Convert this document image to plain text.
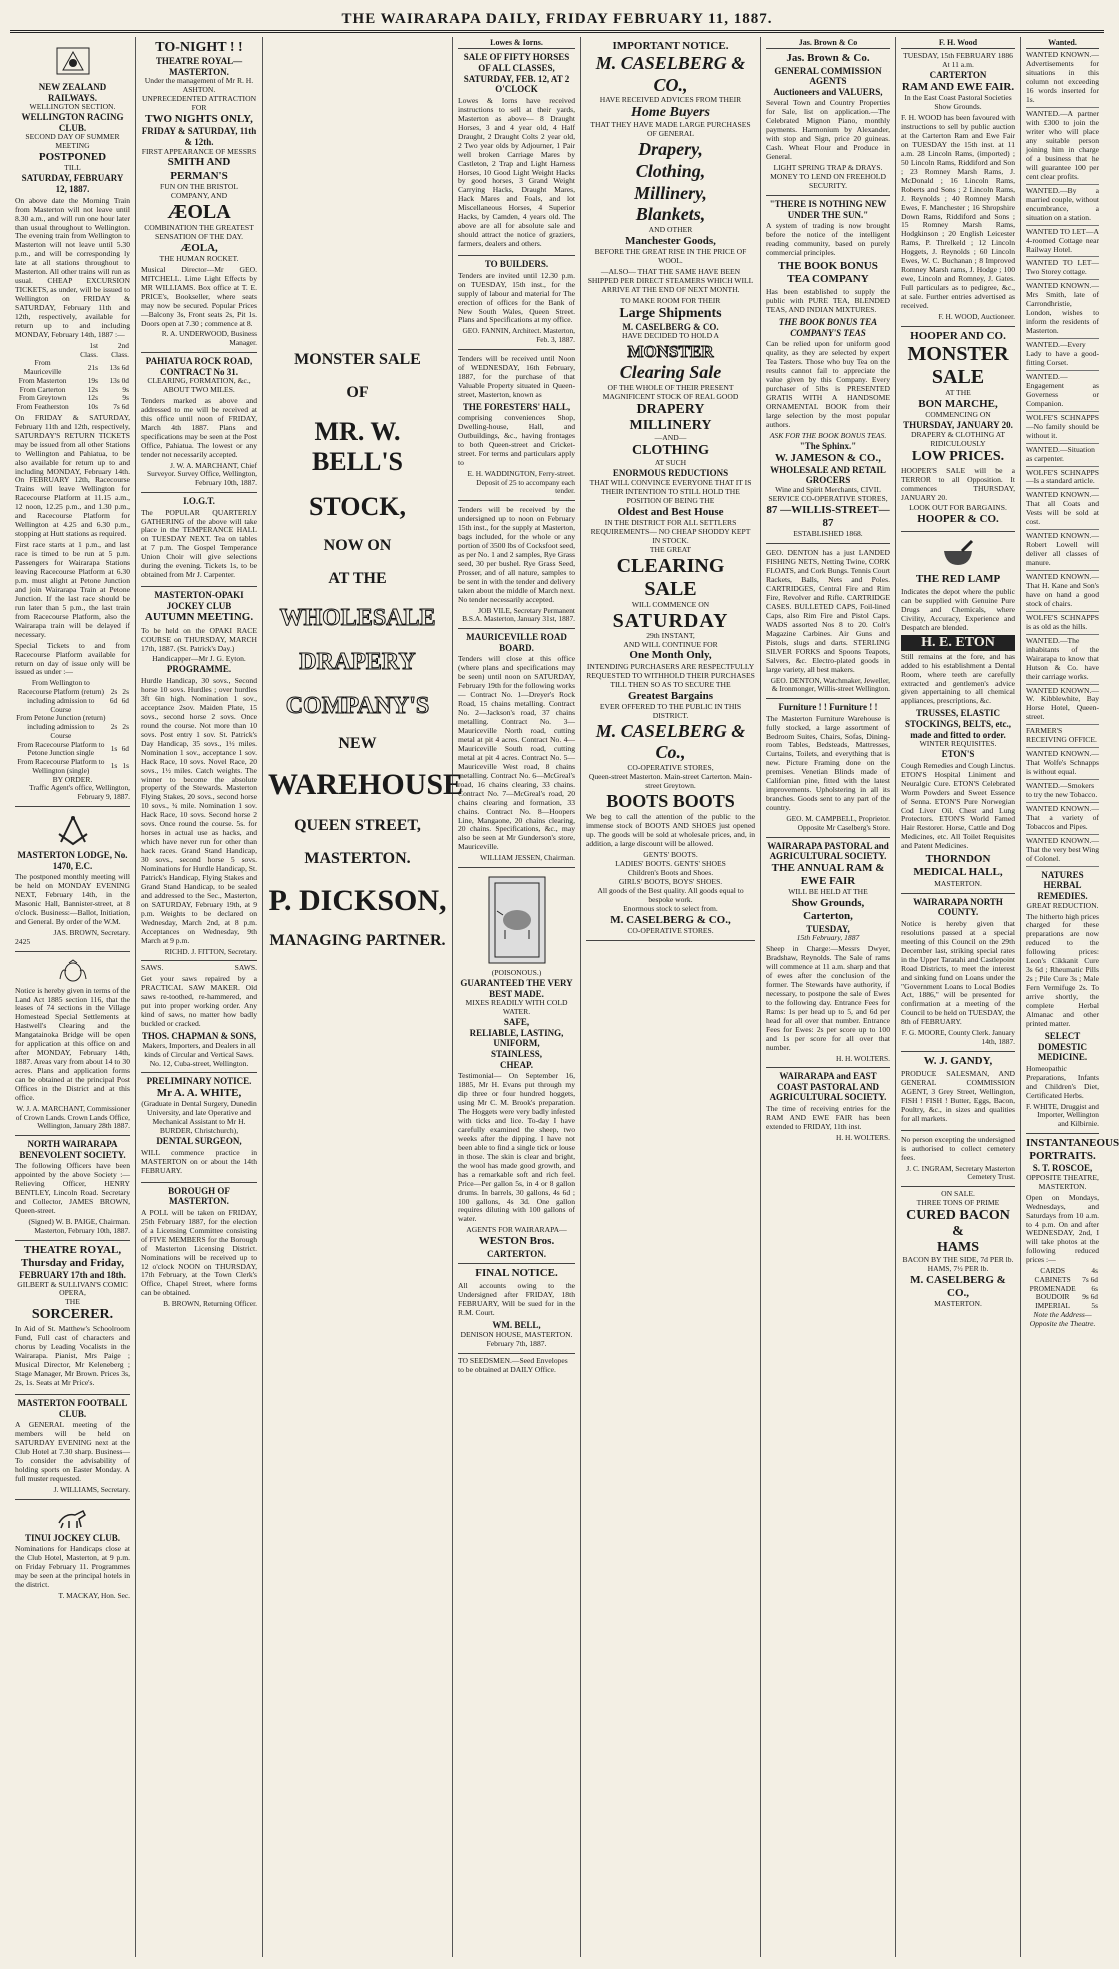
THE WAIRARAPA DAILY, FRIDAY FEBRUARY 11, 1887.
NEW ZEALAND RAILWAYS.
WELLINGTON SECTION.
WELLINGTON RACING CLUB.
SECOND DAY OF SUMMER MEETING
POSTPONED
TILL
SATURDAY, FEBRUARY 12, 1887.

On above date the Morning Train from Masterton will not leave until 8.30 a.m., and will run one hour later than usual throughout to Wellington. The evening train from Wellington to Masterton will not leave until 5.30 p.m., and will be corresponding ly late at all stations throughout to Masterton. All other trains will run as usual. CHEAP EXCURSION TICKETS, as under, will be issued to Wellington on FRIDAY & SATURDAY, February 11th and 12th, respectively, available for return up to and including MONDAY, February 14th, 1887 :—

	1st Class.	2nd Class.
From Mauriceville	21s	13s 6d
From Masterton	19s	13s 0d
From Carterton	12s	9s
From Greytown	12s	9s
From Featherston	10s	7s 6d

On FRIDAY & SATURDAY, February 11th and 12th, respectively, SATURDAY'S RETURN TICKETS may be issued from all other Stations to Wellington and Pahiatua, to be also available for return up to and including MONDAY, February 14th. On FEBRUARY 12th, Racecourse Trains will leave Wellington for Racecourse Platform at 11.15 a.m., 12 noon, 12.25 p.m., and 1.30 p.m., and Racecourse Platform for Wellington at 4.25 and 6.30 p.m., stopping at Hutt stations as required.

First race starts at 1 p.m., and last race is timed to be run at 5 p.m. Passengers for Wairarapa Stations leaving Racecourse Platform at 6.30 p.m. must alight at Petone Junction and join Wairarapa Train at Petone Junction. If the last race should be run later than 5 p.m., the last train from Racecourse Platform, also the Wairarapa train will be delayed if necessary.

Special Tickets to and from Racecourse Platform available for return on day of issue only will be issued as under :—

From Wellington to Racecourse Platform (return) including admission to Course	2s 6d	2s 6d
From Petone Junction (return) including admission to Course	2s	2s
From Racecourse Platform to Petone Junction single	1s	6d
From Racecourse Platform to Wellington (single)	1s	1s
BY ORDER.
Traffic Agent's office, Wellington, February 9, 1887.
MASTERTON LODGE, No. 1470, E.C.

The postponed monthly meeting will be held on MONDAY EVENING NEXT, February 14th, in the Masonic Hall, Bannister-street, at 8 o'clock. Business:—Ballot, Initiation, and General. By order of the W.M.

JAS. BROWN, Secretary.
2425

Notice is hereby given in terms of the Land Act 1885 section 116, that the leases of 74 sections in the Village Homestead Special Settlements at Hastwell's Clearing and the Mangatainoka Bridge will be open for application at this office on and after MONDAY, February 14th, 1887. Areas vary from about 14 to 30 acres. Plans and application forms can be obtained at the principal Post Offices in the District and at this office.

W. J. A. MARCHANT, Commissioner of Crown Lands. Crown Lands Office, Wellington, January 28th 1887.
NORTH WAIRARAPA BENEVOLENT SOCIETY.

The following Officers have been appointed by the above Society :— Relieving Officer, HENRY BENTLEY, Lincoln Road. Secretary and Collector, JAMES BROWN, Queen-street.

(Signed) W. B. PAIGE, Chairman. Masterton, February 10th, 1887.
THEATRE ROYAL,
Thursday and Friday,
FEBRUARY 17th and 18th.
GILBERT & SULLIVAN'S COMIC OPERA,
THE
SORCERER.

In Aid of St. Matthew's Schoolroom Fund, Full cast of characters and chorus by Leading Vocalists in the Wairarapa. Pianist, Mrs Paige ; Musical Director, Mr Keleneberg ; Stage Manager, Mr Brown. Prices 3s, 2s, 1s. Seats at Mr Price's.

MASTERTON FOOTBALL CLUB.

A GENERAL meeting of the members will be held on SATURDAY EVENING next at the Club Hotel at 7.30 sharp. Business—To consider the advisability of holding sports on Easter Monday. A full muster requested.

J. WILLIAMS, Secretary.
TINUI JOCKEY CLUB.

Nominations for Handicaps close at the Club Hotel, Masterton, at 9 p.m. on Friday February 11. Programmes may be seen at the principal hotels in the district.

T. MACKAY, Hon. Sec.
TO-NIGHT ! !
THEATRE ROYAL—MASTERTON.
Under the management of Mr R. H. ASHTON.
UNPRECEDENTED ATTRACTION FOR
TWO NIGHTS ONLY,
FRIDAY & SATURDAY, 11th & 12th.
FIRST APPEARANCE OF MESSRS
SMITH AND PERMAN'S
FUN ON THE BRISTOL COMPANY, AND
ÆOLA
COMBINATION THE GREATEST SENSATION OF THE DAY.
ÆOLA,
THE HUMAN ROCKET.

Musical Director—Mr GEO. MITCHELL. Lime Light Effects by MR WILLIAMS. Box office at T. E. PRICE's, Bookseller, where seats may now be secured. Popular Prices—Balcony 3s, Front seats 2s, Pit 1s. Doors open at 7.30 ; commence at 8.

R. A. UNDERWOOD, Business Manager.
PAHIATUA ROCK ROAD, CONTRACT No 31.
CLEARING, FORMATION, &c., ABOUT TWO MILES.

Tenders marked as above and addressed to me will be received at this office until noon of FRIDAY, March 4th 1887. Plans and specifications may be seen at the Post Office, Pahiatua. The lowest or any tender not necessarily accepted.

J. W. A. MARCHANT, Chief Surveyor. Survey Office, Wellington, February 10th, 1887.
I.O.G.T.

The POPULAR QUARTERLY GATHERING of the above will take place in the TEMPERANCE HALL on TUESDAY NEXT. Tea on tables at 7 p.m. The Gospel Temperance Union Choir will give selections during the evening. Tickets 1s, to be obtained from Mr J. Carpenter.

MASTERTON-OPAKI JOCKEY CLUB
AUTUMN MEETING.

To be held on the OPAKI RACE COURSE on THURSDAY, MARCH 17th, 1887. (St. Patrick's Day.)

Handicapper—Mr J. G. Eyton.
PROGRAMME.

Hurdle Handicap, 30 sovs., Second horse 10 sovs. Hurdles ; over hurdles 3ft 6in high. Nomination 1 sov., acceptance 2sov. Maiden Plate, 15 sovs., second horse 2 sovs. Once round the course. Not more than 10 sovs. Post entry 1 sov. St. Patrick's Day Handicap, 35 sovs., 1½ miles. Nomination 1 sov., acceptance 1 sov. Hack Race, 10 sovs. Novel Race, 20 sovs., 1½ miles. Catch weights. The winner to become the absolute property of the Stewards. Masterton Flying Stakes, 20 sovs., second horse 10 sovs., ¾ mile. Nomination 1 sov. Hack Race, 10 sovs. Second horse 2 sovs. Once round the course. 5s. for horses in actual use as hacks, and which have never run for other than hack races. Grand Stand Handicap, 30 sovs., second horse 5 sovs. Nominations for Hurdle Handicap, St. Patrick's Handicap, Flying Stakes and Grand Stand Handicap, to be sealed and addressed to the Sec., Masterton, on SATURDAY, February 19th, at 9 p.m. Weights to be declared on Wednesday, March 2nd, at 8 p.m. Acceptances on Wednesday, 9th March at 9 p.m.

RICHD. J. FITTON, Secretary.
SAWS.	SAWS.

Get your saws repaired by a PRACTICAL SAW MAKER. Old saws re-toothed, re-hammered, and put into proper working order. Any kind of saws, no matter how badly buckled or cracked.

THOS. CHAPMAN & SONS,
Makers, Importers, and Dealers in all kinds of Circular and Vertical Saws. No. 12, Cuba-street, Wellington.
PRELIMINARY NOTICE.
Mr A. A. WHITE,
(Graduate in Dental Surgery, Dunedin University, and late Operative and Mechanical Assistant to Mr H. BURDER, Christchurch),
DENTAL SURGEON,

WILL commence practice in MASTERTON on or about the 14th FEBRUARY.

BOROUGH OF MASTERTON.

A POLL will be taken on FRIDAY, 25th February 1887, for the election of a Licensing Committee consisting of FIVE MEMBERS for the Borough of Masterton Licensing District. Nominations will be received up to 12 o'clock NOON on THURSDAY, 17th February, at the Town Clerk's Office, Chapel Street, where forms can be obtained.

B. BROWN, Returning Officer.
MONSTER SALE
OF
MR. W. BELL'S
STOCK,
NOW ON
AT THE
WHOLESALE
DRAPERY
COMPANY'S
NEW
WAREHOUSE
QUEEN STREET,
MASTERTON.
P. DICKSON,
MANAGING PARTNER.
Lowes & Iorns.
SALE OF FIFTY HORSES OF ALL CLASSES,
SATURDAY, FEB. 12, AT 2 O'CLOCK

Lowes & Iorns have received instructions to sell at their yards, Masterton as above— 8 Draught Horses, 3 and 4 year old, 4 Half Draught, 2 Draught Colts 2 year old, 2 Two year olds by Adjourner, 1 Pair well broken Carriage Mares by Castleton, 2 Trap and Light Harness Horses, 10 Good Light Weight Hacks by good horses, 3 Grand Weight Carrying Hacks, Draught Mares, Hack Mares and Foals, and lot Miscellaneous Horses, 4 Superior Hacks, by Camden, 4 years old. The above are all for absolute sale and should attract the notice of graziers, farmers, dealers and others.

TO BUILDERS.

Tenders are invited until 12.30 p.m. on TUESDAY, 15th inst., for the supply of labour and material for The erection of offices for the Bank of New South Wales, Queen Street. Plans and Specifications at my office.

GEO. FANNIN, Architect. Masterton, Feb. 3, 1887.

Tenders will be received until Noon of WEDNESDAY, 16th February, 1887, for the purchase of that Valuable Property situated in Queen-street, Masterton, known as

THE FORESTERS' HALL,

comprising conveniences Shop, Dwelling-house, Hall, and Outbuildings, &c., having frontages to both Queen-street and Cricket-street. For terms and particulars apply to

E. H. WADDINGTON, Ferry-street. Deposit of 25 to accompany each tender.

Tenders will be received by the undersigned up to noon on February 15th inst., for the supply at Masterton, bags included, for the whole or any portion of 3500 lbs of Cocksfoot seed, as per No. 1 and 2 samples, Rye Grass seed, 30 per bushel. Rye Grass Seed, Prosser, and of all nature, samples to be sent in with the tender and delivery taken about the middle of March next. No tender necessarily accepted.

JOB VILE, Secretary Permanent B.S.A. Masterton, January 31st, 1887.
MAURICEVILLE ROAD BOARD.

Tenders will close at this office (where plans and specifications may be seen) until noon on SATURDAY, February 19th for the following works— Contract No. 1—Dreyer's Rock Road, 15 chains metalling. Contract No. 2—Jackson's road, 37 chains metalling. Contract No. 3—Mauriceville North road, cutting metal at pit 4 acres. Contract No. 4—Mauriceville South road, cutting metal at pit 4 acres. Contract No. 5—Mauriceville West road, 8 chains metalling. Contract No. 6—McGreal's road, 16 chains clearing, 33 chains. Contract No. 7—McGreal's road, 20 chains clearing and formation, 33 chains. Contract No. 8—Hoopers Line, Mangaone, 20 chains clearing, 20 chains. Specifications, &c., may also be seen at Mr Gunderson's store, Mauriceville.

WILLIAM JESSEN, Chairman.
(POISONOUS.)
GUARANTEED THE VERY BEST MADE.
MIXES READILY WITH COLD WATER.
SAFE,
RELIABLE, LASTING,
UNIFORM,
STAINLESS,
CHEAP.

Testimonial— On September 16, 1885, Mr H. Evans put through my dip three or four hundred hoggets, using Mr C. M. Brook's preparation. The Hoggets were very badly infested with ticks and lice. To-day I have carefully examined the sheep, two weeks after the dipping. I have not been able to find a single tick or louse in those. The skin is clear and bright, the wool has made good growth, and has a remarkable soft and rich feel. Price—Per gallon 5s, in 4 or 8 gallon drums. In barrels, 30 gallons, 4s 6d ; 100 gallons, 4s 3d. One gallon requires diluting with 100 gallons of water.

AGENTS FOR WAIRARAPA—
WESTON Bros.
CARTERTON.
FINAL NOTICE.

All accounts owing to the Undersigned after FRIDAY, 18th FEBRUARY, Will be sued for in the R.M. Court.

WM. BELL,
DENISON HOUSE, MASTERTON. February 7th, 1887.
TO SEEDSMEN.—Seed Envelopes to be obtained at DAILY Office.
IMPORTANT NOTICE.
M. CASELBERG & CO.,
HAVE RECEIVED ADVICES FROM THEIR
Home Buyers
THAT THEY HAVE MADE LARGE PURCHASES OF GENERAL
Drapery,
Clothing,
Millinery,
Blankets,
AND OTHER
Manchester Goods,
BEFORE THE GREAT RISE IN THE PRICE OF WOOL.

—ALSO— THAT THE SAME HAVE BEEN SHIPPED PER DIRECT STEAMERS WHICH WILL ARRIVE AT THE END OF NEXT MONTH.

TO MAKE ROOM FOR THEIR
Large Shipments
M. CASELBERG & CO.
HAVE DECIDED TO HOLD A
MONSTER
Clearing Sale
OF THE WHOLE OF THEIR PRESENT MAGNIFICENT STOCK OF REAL GOOD
DRAPERY
MILLINERY
—AND—
CLOTHING
AT SUCH
ENORMOUS REDUCTIONS
THAT WILL CONVINCE EVERYONE THAT IT IS THEIR INTENTION TO STILL HOLD THE POSITION OF BEING THE
Oldest and Best House
IN THE DISTRICT FOR ALL SETTLERS REQUIREMENTS— NO CHEAP SHODDY KEPT IN STOCK.
THE GREAT
CLEARING
SALE
WILL COMMENCE ON
SATURDAY
29th INSTANT,
AND WILL CONTINUE FOR
One Month Only,
INTENDING PURCHASERS ARE RESPECTFULLY REQUESTED TO WITHHOLD THEIR PURCHASES TILL THEN SO AS TO SECURE THE
Greatest Bargains
EVER OFFERED TO THE PUBLIC IN THIS DISTRICT.
M. CASELBERG & Co.,
CO-OPERATIVE STORES,
Queen-street Masterton. Main-street Carterton. Main-street Greytown.
BOOTS BOOTS

We beg to call the attention of the public to the immense stock of BOOTS AND SHOES just opened up. The goods will be sold at wholesale prices, and, in addition, a large discount will be allowed.

GENTS' BOOTS.
LADIES' BOOTS. GENTS' SHOES
Children's Boots and Shoes.
GIRLS' BOOTS, BOYS' SHOES.
All goods of the Best quality. All goods equal to bespoke work.
Enormous stock to select from.
M. CASELBERG & CO.,
CO-OPERATIVE STORES.
Jas. Brown & Co
Jas. Brown & Co.
GENERAL COMMISSION AGENTS
Auctioneers and VALUERS,

Several Town and Country Properties for Sale, list on application.—The Celebrated Mignon Piano, monthly payments. Harmonium by Alexander, with stop and Sign, price 20 guineas. Cash. Wheat Flour and Produce in General.

LIGHT SPRING TRAP & DRAYS.
MONEY TO LEND ON FREEHOLD SECURITY.
"THERE IS NOTHING NEW UNDER THE SUN."

A system of trading is now brought before the notice of the intelligent reading community, based on purely commercial principles.

THE BOOK BONUS TEA COMPANY

Has been established to supply the public with PURE TEA, BLENDED TEAS, AND INDIAN MIXTURES.

THE BOOK BONUS TEA COMPANY'S TEAS

Can be relied upon for uniform good quality, as they are selected by expert Tea Tasters. Those who buy Tea on the results cannot fail to appreciate the value given by this Company. Every purchaser of 5lbs is PRESENTED GRATIS WITH A HANDSOME ORNAMENTAL BOOK from their large selection by the most popular authors.

ASK FOR THE BOOK BONUS TEAS.
"The Sphinx."
W. JAMESON & CO.,
WHOLESALE AND RETAIL GROCERS
Wine and Spirit Merchants, CIVIL SERVICE CO-OPERATIVE STORES,
87 —WILLIS-STREET— 87
ESTABLISHED 1868.

GEO. DENTON has a just LANDED FISHING NETS, Netting Twine, CORK FLOATS, and Cork Bungs. Tennis Court Rackets, Balls, Nets and Poles. CARTRIDGES, Central Fire and Rim Fire, Revolver and Rifle. CARTRIDGE CASES. BULLETED CAPS, Foil-lined Caps, also Rim Fire and Pistol Caps. WADS assorted Nos 8 to 20. Colt's Magazine Carbines. Air Guns and Pistols, slugs and darts. STERLING SILVER FORKS and Spoons Teapots, Salvers, &c. Electro-plated goods in large variety, all best makers.

GEO. DENTON, Watchmaker, Jeweller, & Ironmonger, Willis-street Wellington.
Furniture ! ! Furniture ! !

The Masterton Furniture Warehouse is fully stocked, a large assortment of Bedroom Suites, Chairs, Sofas, Dining-room Tables, Bedsteads, Mattresses, Curtains, Toilets, and everything that is new. Picture Framing done on the premises. Venetian Blinds made of Californian pine, fitted with the latest improvements. Upholstering in all its branches. Goods sent to any part of the country.

GEO. M. CAMPBELL, Proprietor. Opposite Mr Caselberg's Store.
WAIRARAPA PASTORAL and AGRICULTURAL SOCIETY.
THE ANNUAL RAM & EWE FAIR
WILL BE HELD AT THE
Show Grounds, Carterton,
TUESDAY,
15th February, 1887

Sheep in Charge:—Messrs Dwyer, Bradshaw, Reynolds. The Sale of rams will commence at 11 a.m. sharp and that of ewes after the conclusion of the former. The Stewards have authority, if necessary, to postpone the sale of Ewes to the following day. Entrance Fees for Rams: 1s per head up to 5, and 6d per head for all over that number. Entrance Fees for Ewes: 2s per score up to 100 and 1s per score for all over that number.

H. H. WOLTERS.
WAIRARAPA and EAST COAST PASTORAL AND AGRICULTURAL SOCIETY.

The time of receiving entries for the RAM AND EWE FAIR has been extended to FRIDAY, 11th inst.

H. H. WOLTERS.
F. H. Wood
TUESDAY, 15th FEBRUARY 1886 At 11 a.m.
CARTERTON
RAM AND EWE FAIR.
In the East Coast Pastoral Societies Show Grounds.

F. H. WOOD has been favoured with instructions to sell by public auction at the Carterton Ram and Ewe Fair on TUESDAY the 15th inst. at 11 a.m. 28 Lincoln Rams, (imported) ; 50 Lincoln Rams, Riddiford and Son ; 23 Romney Marsh Rams, J. McDonald ; 16 Lincoln Rams, Roberts and Sons ; 2 Lincoln Rams, J. Reynolds ; 40 Romney Marsh Ewes, F. Manchester ; 16 Shropshire Down Rams, Riddiford and Sons ; 15 Romney Marsh Rams, Hodgkinson ; 20 English Leicester Rams, P. Threlkeld ; 12 Lincoln Hoggets, J. Reynolds ; 60 Lincoln Ewes, W. C. Buchanan ; 8 Improved Romney Marsh rams, J. Hodge ; 100 ewe, Lincoln and Romney, J. Gates. Full particulars as to pedigree, &c., at sale. Further entries advertised as received.

F. H. WOOD, Auctioneer.
HOOPER AND CO.
MONSTER
SALE
AT THE
BON MARCHE,
COMMENCING ON
THURSDAY, JANUARY 20.
DRAPERY & CLOTHING AT RIDICULOUSLY
LOW PRICES.

HOOPER'S SALE will be a TERROR to all Opposition. It commences THURSDAY, JANUARY 20.

LOOK OUT FOR BARGAINS.
HOOPER & CO.
THE RED LAMP

Indicates the depot where the public can be supplied with Genuine Pure Drugs and Chemicals, where Civility, Accuracy, Experience and Despatch are blended.

H. E. ETON

Still remains at the fore, and has added to his establishment a Dental Room, where teeth are carefully extracted and gentlemen's advice given appertaining to all chemical appliances, prescriptions, &c.

TRUSSES, ELASTIC STOCKINGS, BELTS, etc., made and fitted to order.
WINTER REQUISITES.
ETON'S

Cough Remedies and Cough Linctus. ETON'S Hospital Liniment and Neuralgic Cure. ETON'S Celebrated Worm Powders and Sweet Essence of Senna. ETON'S Pure Norwegian Cod Liver Oil. Chest and Lung Protectors. ETON'S World Famed Hair Restorer. Horse, Cattle and Dog Medicines, etc. All Toilet Requisites and Patent Medicines.

THORNDON MEDICAL HALL,
MASTERTON.
WAIRARAPA NORTH COUNTY.

Notice is hereby given that resolutions passed at a special meeting of this Council on the 29th December last, striking special rates in the Upper Taratahi and Castlepoint Road Districts, to meet the interest and sinking fund on Loans under the "Government Loans to Local Bodies Act, 1886," will be presented for confirmation at a meeting of the Council to be held on TUESDAY, the 8th of FEBRUARY.

F. G. MOORE, County Clerk. January 14th, 1887.
W. J. GANDY,

PRODUCE SALESMAN, AND GENERAL COMMISSION AGENT, 3 Grey Street, Wellington, FISH ! FISH ! Butter, Eggs, Bacon, Poultry, &c., in sizes and qualities for all markets.

No person excepting the undersigned is authorised to collect cemetery fees.

J. C. INGRAM, Secretary Masterton Cemetery Trust.
ON SALE.
THREE TONS OF PRIME
CURED BACON &
HAMS
BACON BY THE SIDE, 7d PER lb. HAMS, 7½ PER lb.
M. CASELBERG & CO.,
MASTERTON.
Wanted.

WANTED KNOWN.—Advertisements for situations in this column not exceeding 16 words inserted for 1s.

WANTED.—A partner with £300 to join the writer who will place any suitable person joining him in charge of a business that he will guarantee 100 per cent clear profits.

WANTED.—By a married couple, without encumbrance, a situation on a station.

WANTED TO LET—A 4-roomed Cottage near Railway Hotel.

WANTED TO LET—Two Storey cottage.

WANTED KNOWN.—Mrs Smith, late of Carrondhristie, London, wishes to inform the residents of Masterton.

WANTED.—Every Lady to have a good-fitting Corset.

WANTED.—Engagement as Governess or Companion.

WOLFE'S SCHNAPPS—No family should be without it.

WANTED.—Situation as carpenter.

WOLFE'S SCHNAPPS—Is a standard article.

WANTED KNOWN.—That all Coats and Vests will be sold at cost.

WANTED KNOWN.—Robert Lowell will deliver all classes of manure.

WANTED KNOWN.—That H. Kane and Son's have on hand a good stock of chairs.

WOLFE'S SCHNAPPS is as old as the hills.

WANTED.—The inhabitants of the Wairarapa to know that Hutson & Co. have their carriage works.

WANTED KNOWN.—W. Kibblewhite, Bay Horse Hotel, Queen-street.

FARMER'S RECEIVING OFFICE.

WANTED KNOWN.—That Wolfe's Schnapps is without equal.

WANTED.—Smokers to try the new Tobacco.

WANTED KNOWN.—That a variety of Tobaccos and Pipes.

WANTED KNOWN.—That the very best Wing of Colonel.

NATURES HERBAL REMEDIES.
GREAT REDUCTION.

The hitherto high prices charged for these preparations are now reduced to the following prices: Leon's Cikkanit Cure 3s 6d ; Rheumatic Pills 2s ; Pile Cure 3s ; Male Fern Vermifuge 2s. To arrive shortly, the complete Herbal Almanac and other printed matter.

SELECT DOMESTIC MEDICINE.

Homeopathic Preparations, Infants and Children's Diet, Certificated Herbs.

F. WHITE, Druggist and Importer, Wellington and Kilbirnie.
INSTANTANEOUS PORTRAITS.
S. T. ROSCOE,
OPPOSITE THEATRE, MASTERTON.

Open on Mondays, Wednesdays, and Saturdays from 10 a.m. to 4 p.m. On and after WEDNESDAY, 2nd, I will take photos at the following reduced prices :—

CARDS	4s
CABINETS	7s 6d
PROMENADE	6s
BOUDOIR	9s 6d
IMPERIAL	5s
Note the Address—Opposite the Theatre.
